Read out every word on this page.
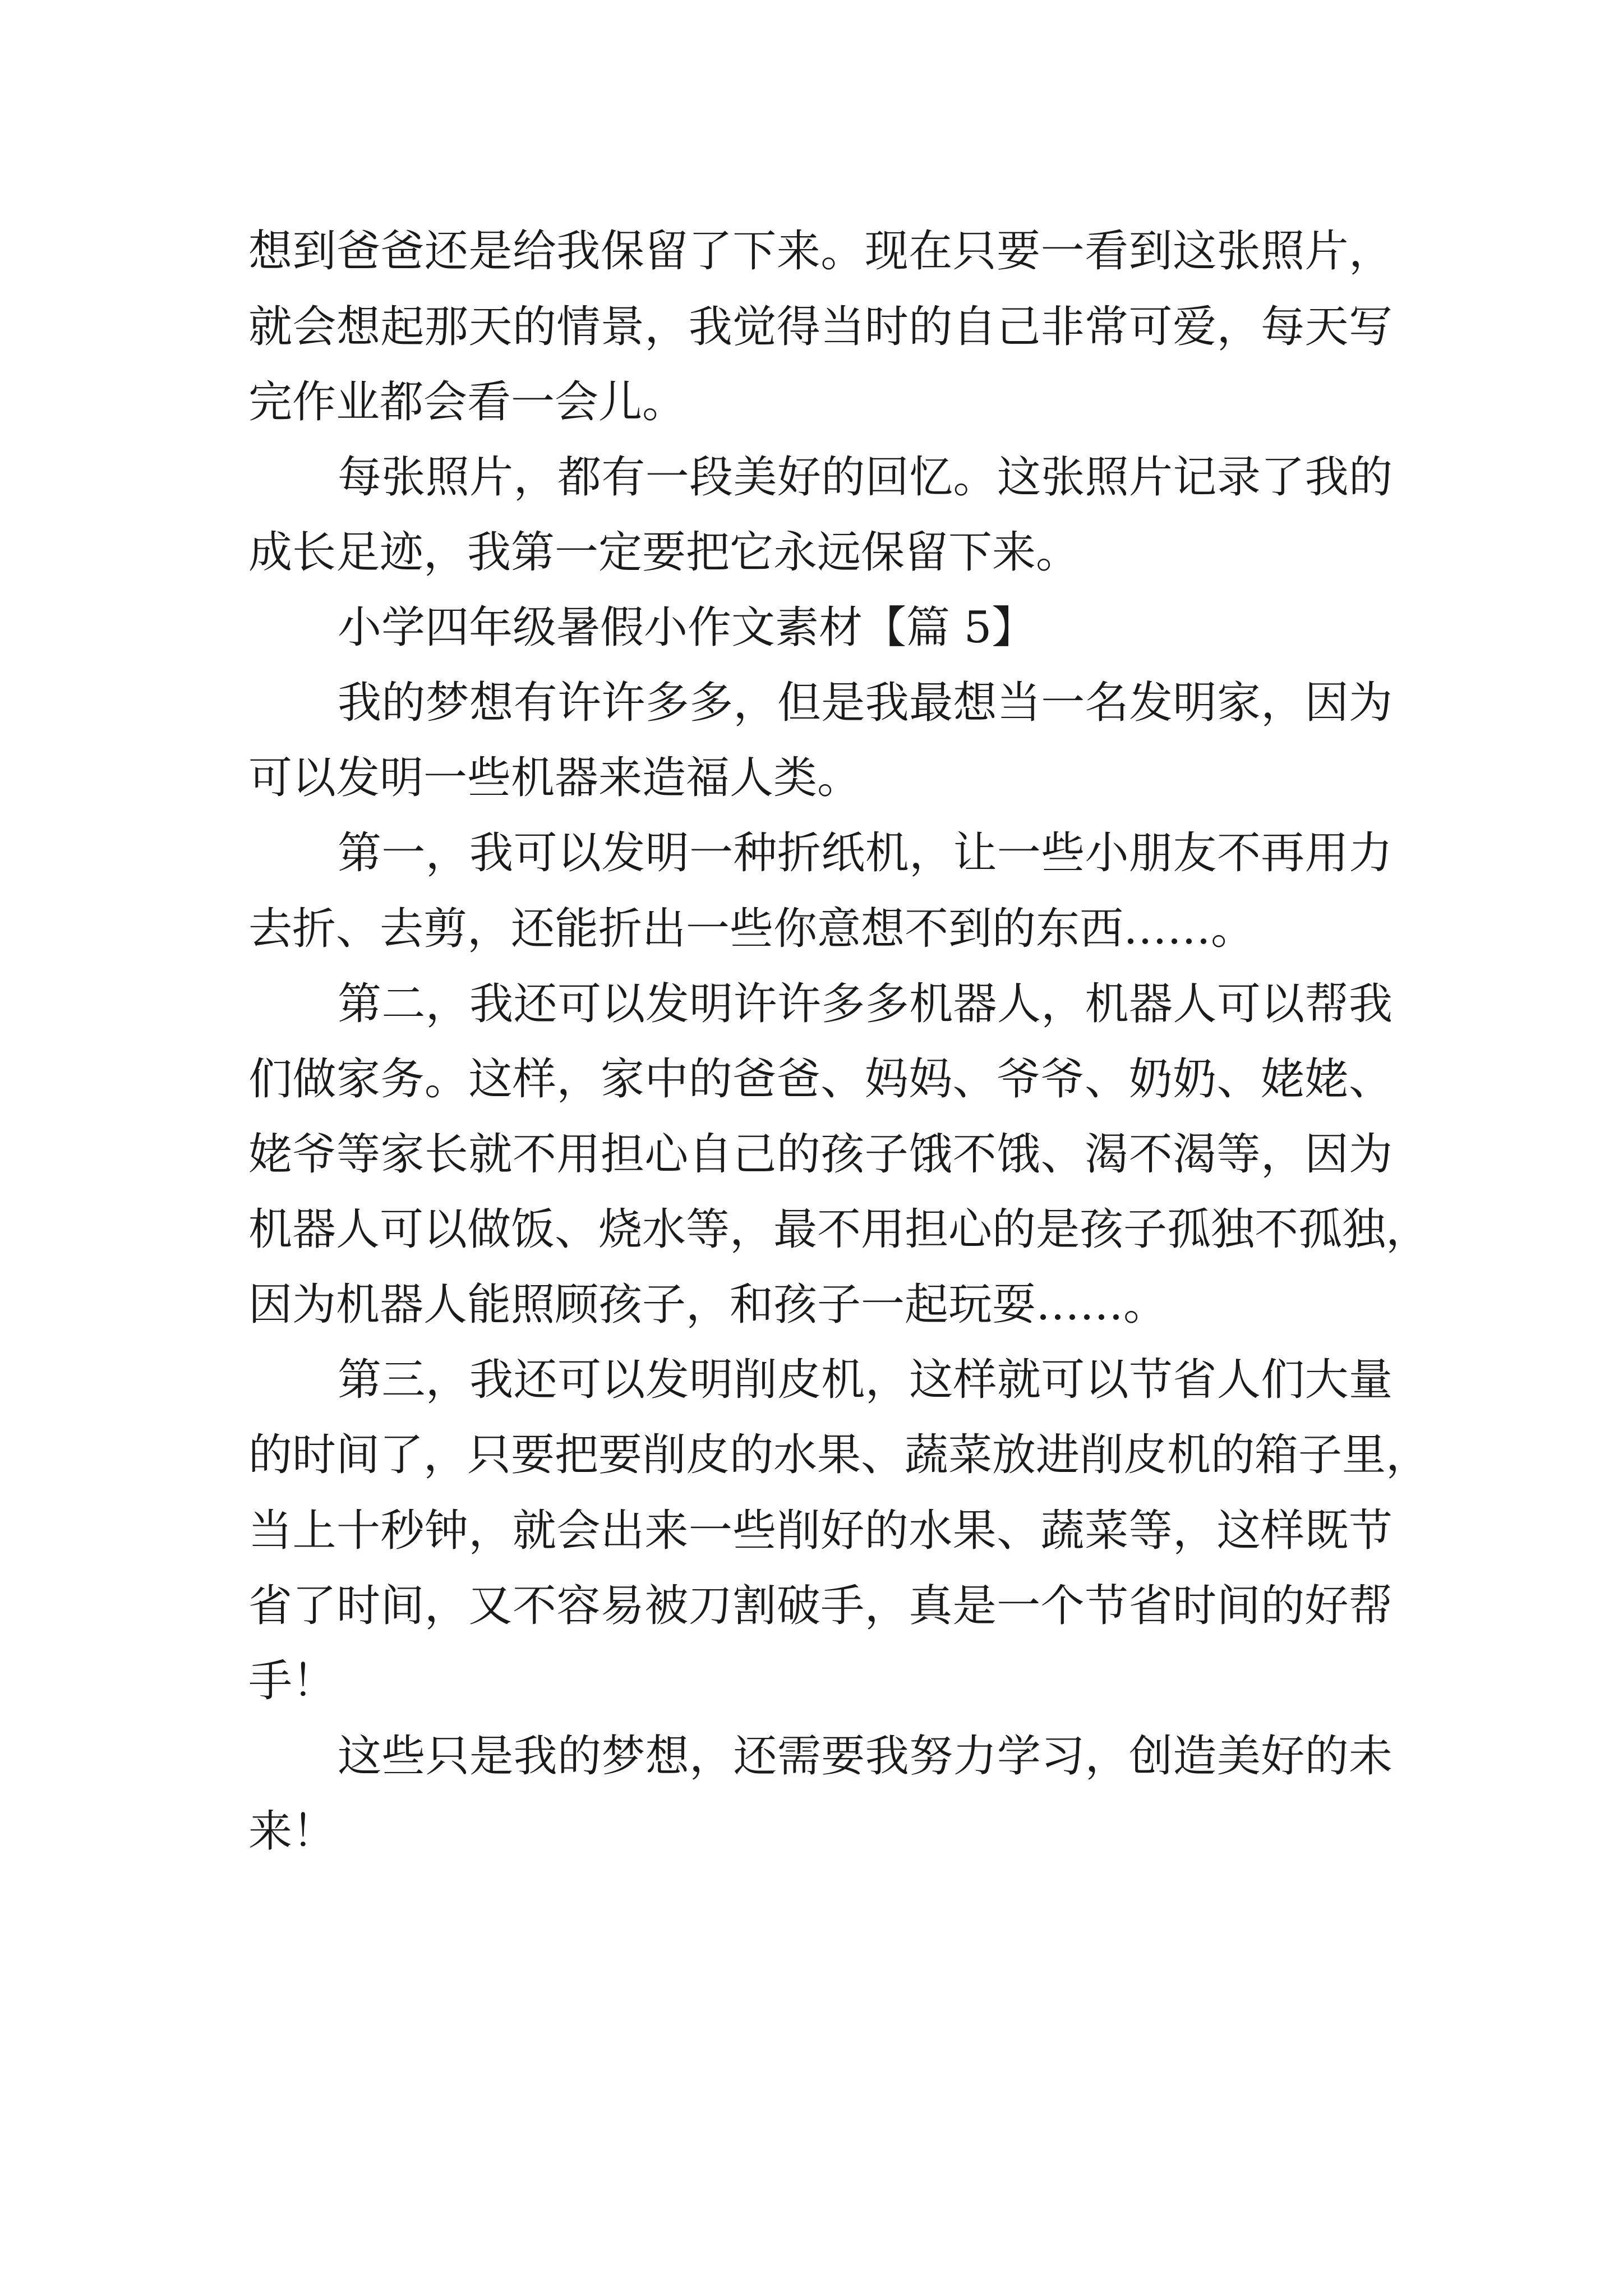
想到爸爸还是给我保留了下来。现在只要一看到这张照片，
就会想起那天的情景，我觉得当时的自己非常可爱，每天写
完作业都会看一会儿。
每张照片，都有一段美好的回忆。这张照片记录了我的
成长足迹，我第一定要把它永远保留下来。
小学四年级暑假小作文素材【篇 5】
我的梦想有许许多多，但是我最想当一名发明家，因为
可以发明一些机器来造福人类。
第一，我可以发明一种折纸机，让一些小朋友不再用力
去折、去剪，还能折出一些你意想不到的东西……。
第二，我还可以发明许许多多机器人，机器人可以帮我
们做家务。这样，家中的爸爸、妈妈、爷爷、奶奶、姥姥、
姥爷等家长就不用担心自己的孩子饿不饿、渴不渴等，因为
机器人可以做饭、烧水等，最不用担心的是孩子孤独不孤独，
因为机器人能照顾孩子，和孩子一起玩耍……。
第三，我还可以发明削皮机，这样就可以节省人们大量
的时间了，只要把要削皮的水果、蔬菜放进削皮机的箱子里，
当上十秒钟，就会出来一些削好的水果、蔬菜等，这样既节
省了时间，又不容易被刀割破手，真是一个节省时间的好帮
手！
这些只是我的梦想，还需要我努力学习，创造美好的未
来！
